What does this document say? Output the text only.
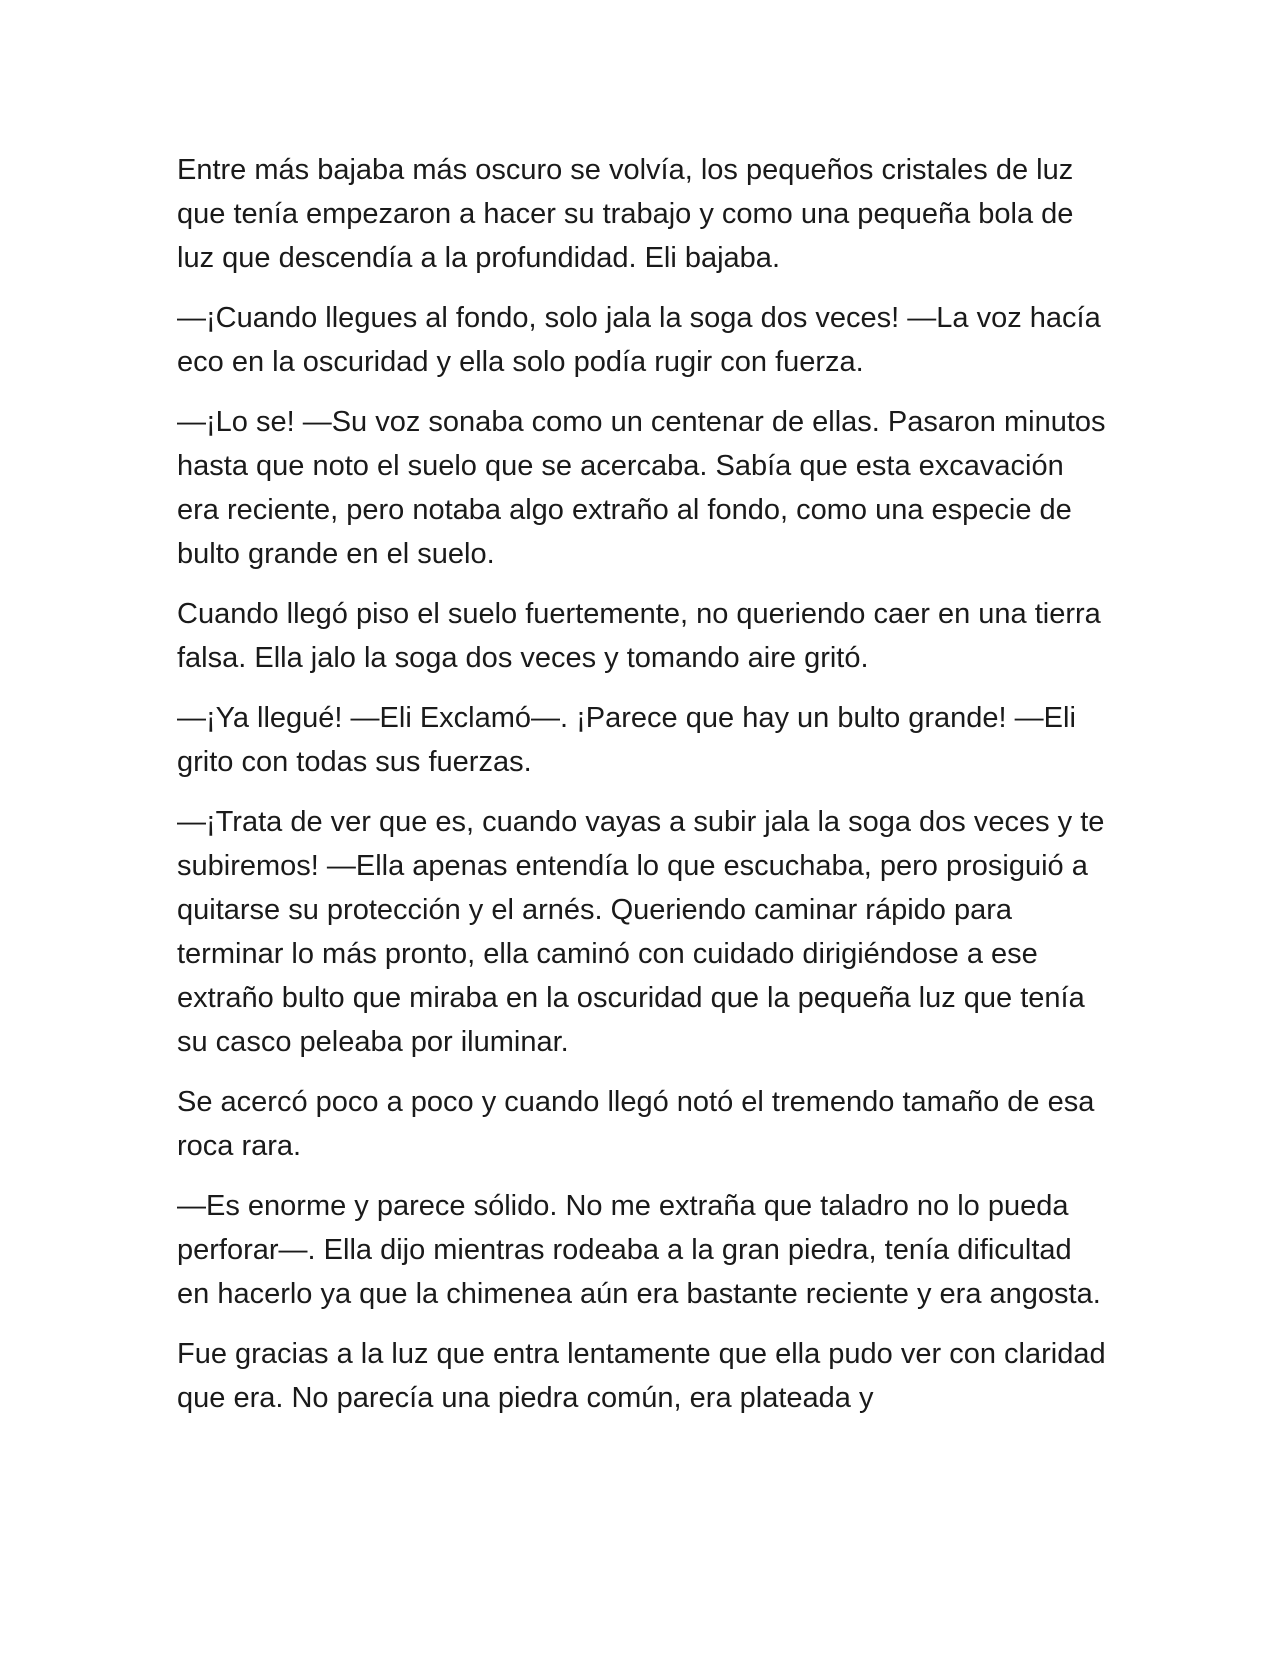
Entre más bajaba más oscuro se volvía, los pequeños cristales de luz que tenía empezaron a hacer su trabajo y como una pequeña bola de luz que descendía a la profundidad. Eli bajaba.

—¡Cuando llegues al fondo, solo jala la soga dos veces! —La voz hacía eco en la oscuridad y ella solo podía rugir con fuerza.

—¡Lo se! —Su voz sonaba como un centenar de ellas. Pasaron minutos hasta que noto el suelo que se acercaba. Sabía que esta excavación era reciente, pero notaba algo extraño al fondo, como una especie de bulto grande en el suelo.

Cuando llegó piso el suelo fuertemente, no queriendo caer en una tierra falsa. Ella jalo la soga dos veces y tomando aire gritó.

—¡Ya llegué! —Eli Exclamó—. ¡Parece que hay un bulto grande! —Eli grito con todas sus fuerzas.

—¡Trata de ver que es, cuando vayas a subir jala la soga dos veces y te subiremos! —Ella apenas entendía lo que escuchaba, pero prosiguió a quitarse su protección y el arnés. Queriendo caminar rápido para terminar lo más pronto, ella caminó con cuidado dirigiéndose a ese extraño bulto que miraba en la oscuridad que la pequeña luz que tenía su casco peleaba por iluminar.

Se acercó poco a poco y cuando llegó notó el tremendo tamaño de esa roca rara.

—Es enorme y parece sólido. No me extraña que taladro no lo pueda perforar—. Ella dijo mientras rodeaba a la gran piedra, tenía dificultad en hacerlo ya que la chimenea aún era bastante reciente y era angosta.

Fue gracias a la luz que entra lentamente que ella pudo ver con claridad que era. No parecía una piedra común, era plateada y
